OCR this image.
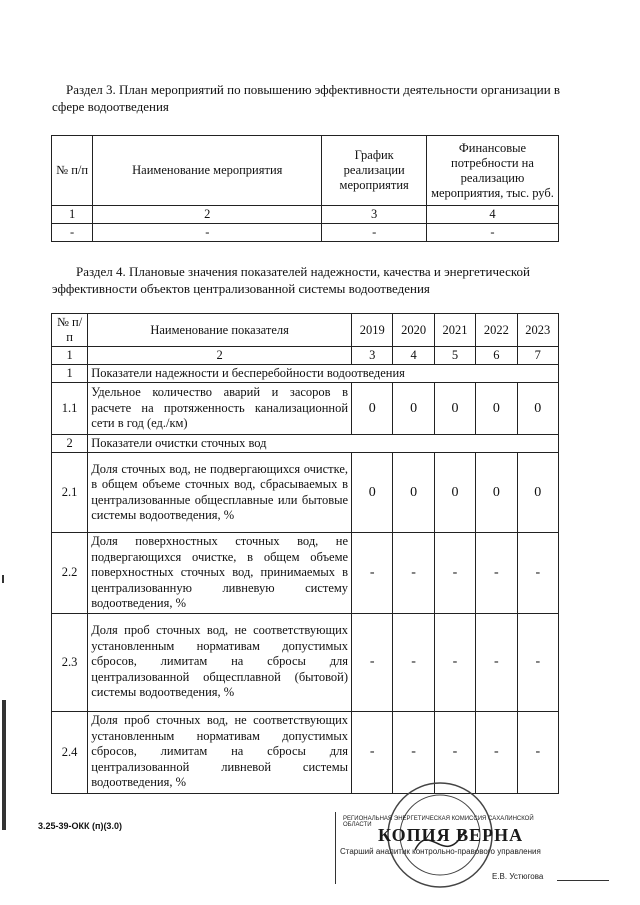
Раздел 3. План мероприятий по повышению эффективности деятельности организации в сфере водоотведения
№ п/п	Наименование мероприятия	График реализации мероприятия	Финансовые потребности на реализацию мероприятия, тыс. руб.
1	2	3	4
-	-	-	-
Раздел 4. Плановые значения показателей надежности, качества и энергетической эффективности объектов централизованной системы водоотведения
№ п/п	Наименование показателя	2019	2020	2021	2022	2023
1	2	3	4	5	6	7
1	Показатели надежности и бесперебойности водоотведения					
1.1	Удельное количество аварий и засоров в расчете на протяженность канализационной сети в год (ед./км)	0	0	0	0	0
2	Показатели очистки сточных вод					
2.1	Доля сточных вод, не подвергающихся очистке, в общем объеме сточных вод, сбрасываемых в централизованные общесплавные или бытовые системы водоотведения, %	0	0	0	0	0
2.2	Доля поверхностных сточных вод, не подвергающихся очистке, в общем объеме поверхностных сточных вод, принимаемых в централизованную ливневую систему водоотведения, %	-	-	-	-	-
2.3	Доля проб сточных вод, не соответствующих установленным нормативам допустимых сбросов, лимитам на сбросы для централизованной общесплавной (бытовой) системы водоотведения, %	-	-	-	-	-
2.4	Доля проб сточных вод, не соответствующих установленным нормативам допустимых сбросов, лимитам на сбросы для централизованной ливневой системы водоотведения, %	-	-	-	-	-
3.25-39-ОКК (п)(3.0)
РЕГИОНАЛЬНАЯ ЭНЕРГЕТИЧЕСКАЯ КОМИССИЯ САХАЛИНСКОЙ ОБЛАСТИ КОПИЯ ВЕРНА
Старший аналитик контрольно-правового управления
Е.В. Устюгова
